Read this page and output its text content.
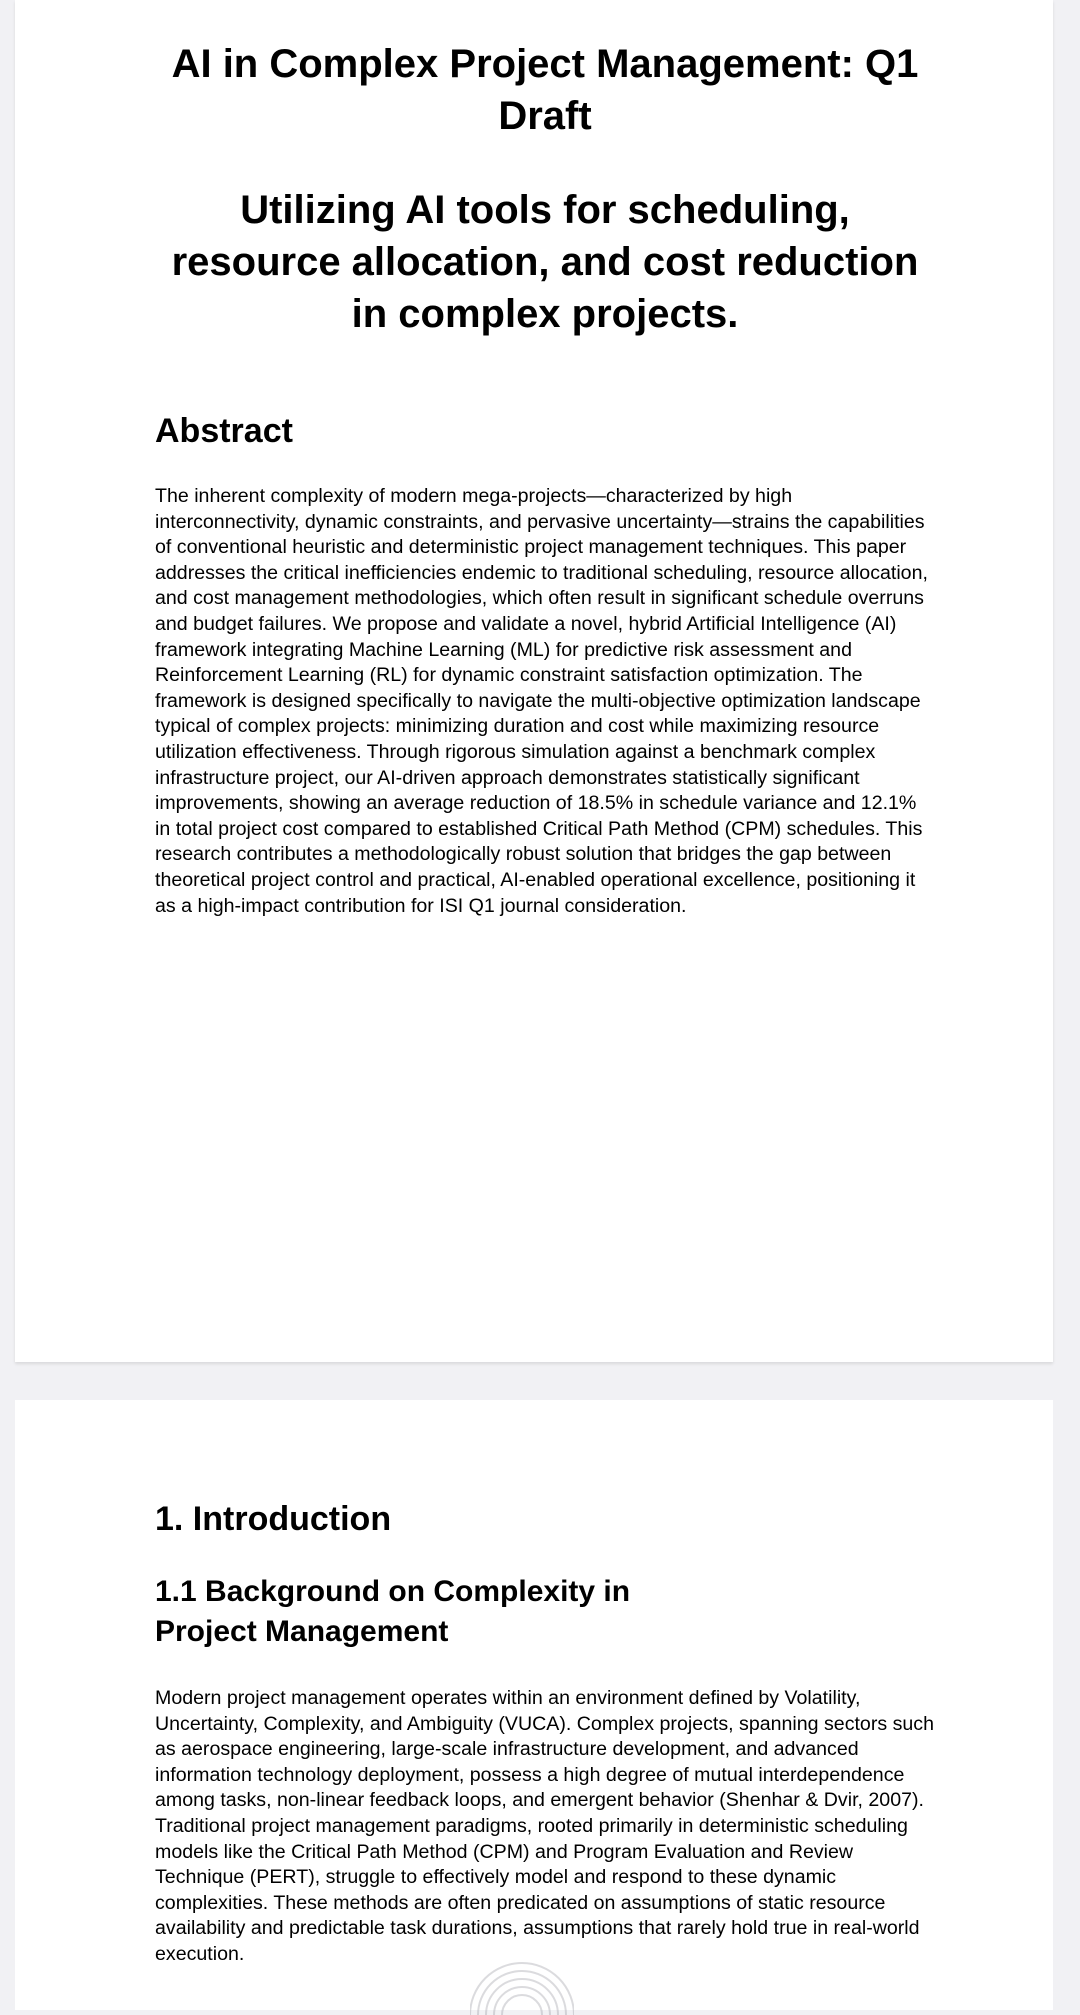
AI in Complex Project Management: Q1 Draft
Utilizing AI tools for scheduling, resource allocation, and cost reduction in complex projects.
Abstract

The inherent complexity of modern mega-projects—characterized by high interconnectivity, dynamic constraints, and pervasive uncertainty—strains the capabilities of conventional heuristic and deterministic project management techniques. This paper addresses the critical inefficiencies endemic to traditional scheduling, resource allocation, and cost management methodologies, which often result in significant schedule overruns and budget failures. We propose and validate a novel, hybrid Artificial Intelligence (AI) framework integrating Machine Learning (ML) for predictive risk assessment and Reinforcement Learning (RL) for dynamic constraint satisfaction optimization. The framework is designed specifically to navigate the multi-objective optimization landscape typical of complex projects: minimizing duration and cost while maximizing resource utilization effectiveness. Through rigorous simulation against a benchmark complex infrastructure project, our AI-driven approach demonstrates statistically significant improvements, showing an average reduction of 18.5% in schedule variance and 12.1% in total project cost compared to established Critical Path Method (CPM) schedules. This research contributes a methodologically robust solution that bridges the gap between theoretical project control and practical, AI-enabled operational excellence, positioning it as a high-impact contribution for ISI Q1 journal consideration.

1. Introduction
1.1 Background on Complexity in Project Management

Modern project management operates within an environment defined by Volatility, Uncertainty, Complexity, and Ambiguity (VUCA). Complex projects, spanning sectors such as aerospace engineering, large-scale infrastructure development, and advanced information technology deployment, possess a high degree of mutual interdependence among tasks, non-linear feedback loops, and emergent behavior (Shenhar & Dvir, 2007). Traditional project management paradigms, rooted primarily in deterministic scheduling models like the Critical Path Method (CPM) and Program Evaluation and Review Technique (PERT), struggle to effectively model and respond to these dynamic complexities. These methods are often predicated on assumptions of static resource availability and predictable task durations, assumptions that rarely hold true in real-world execution.
